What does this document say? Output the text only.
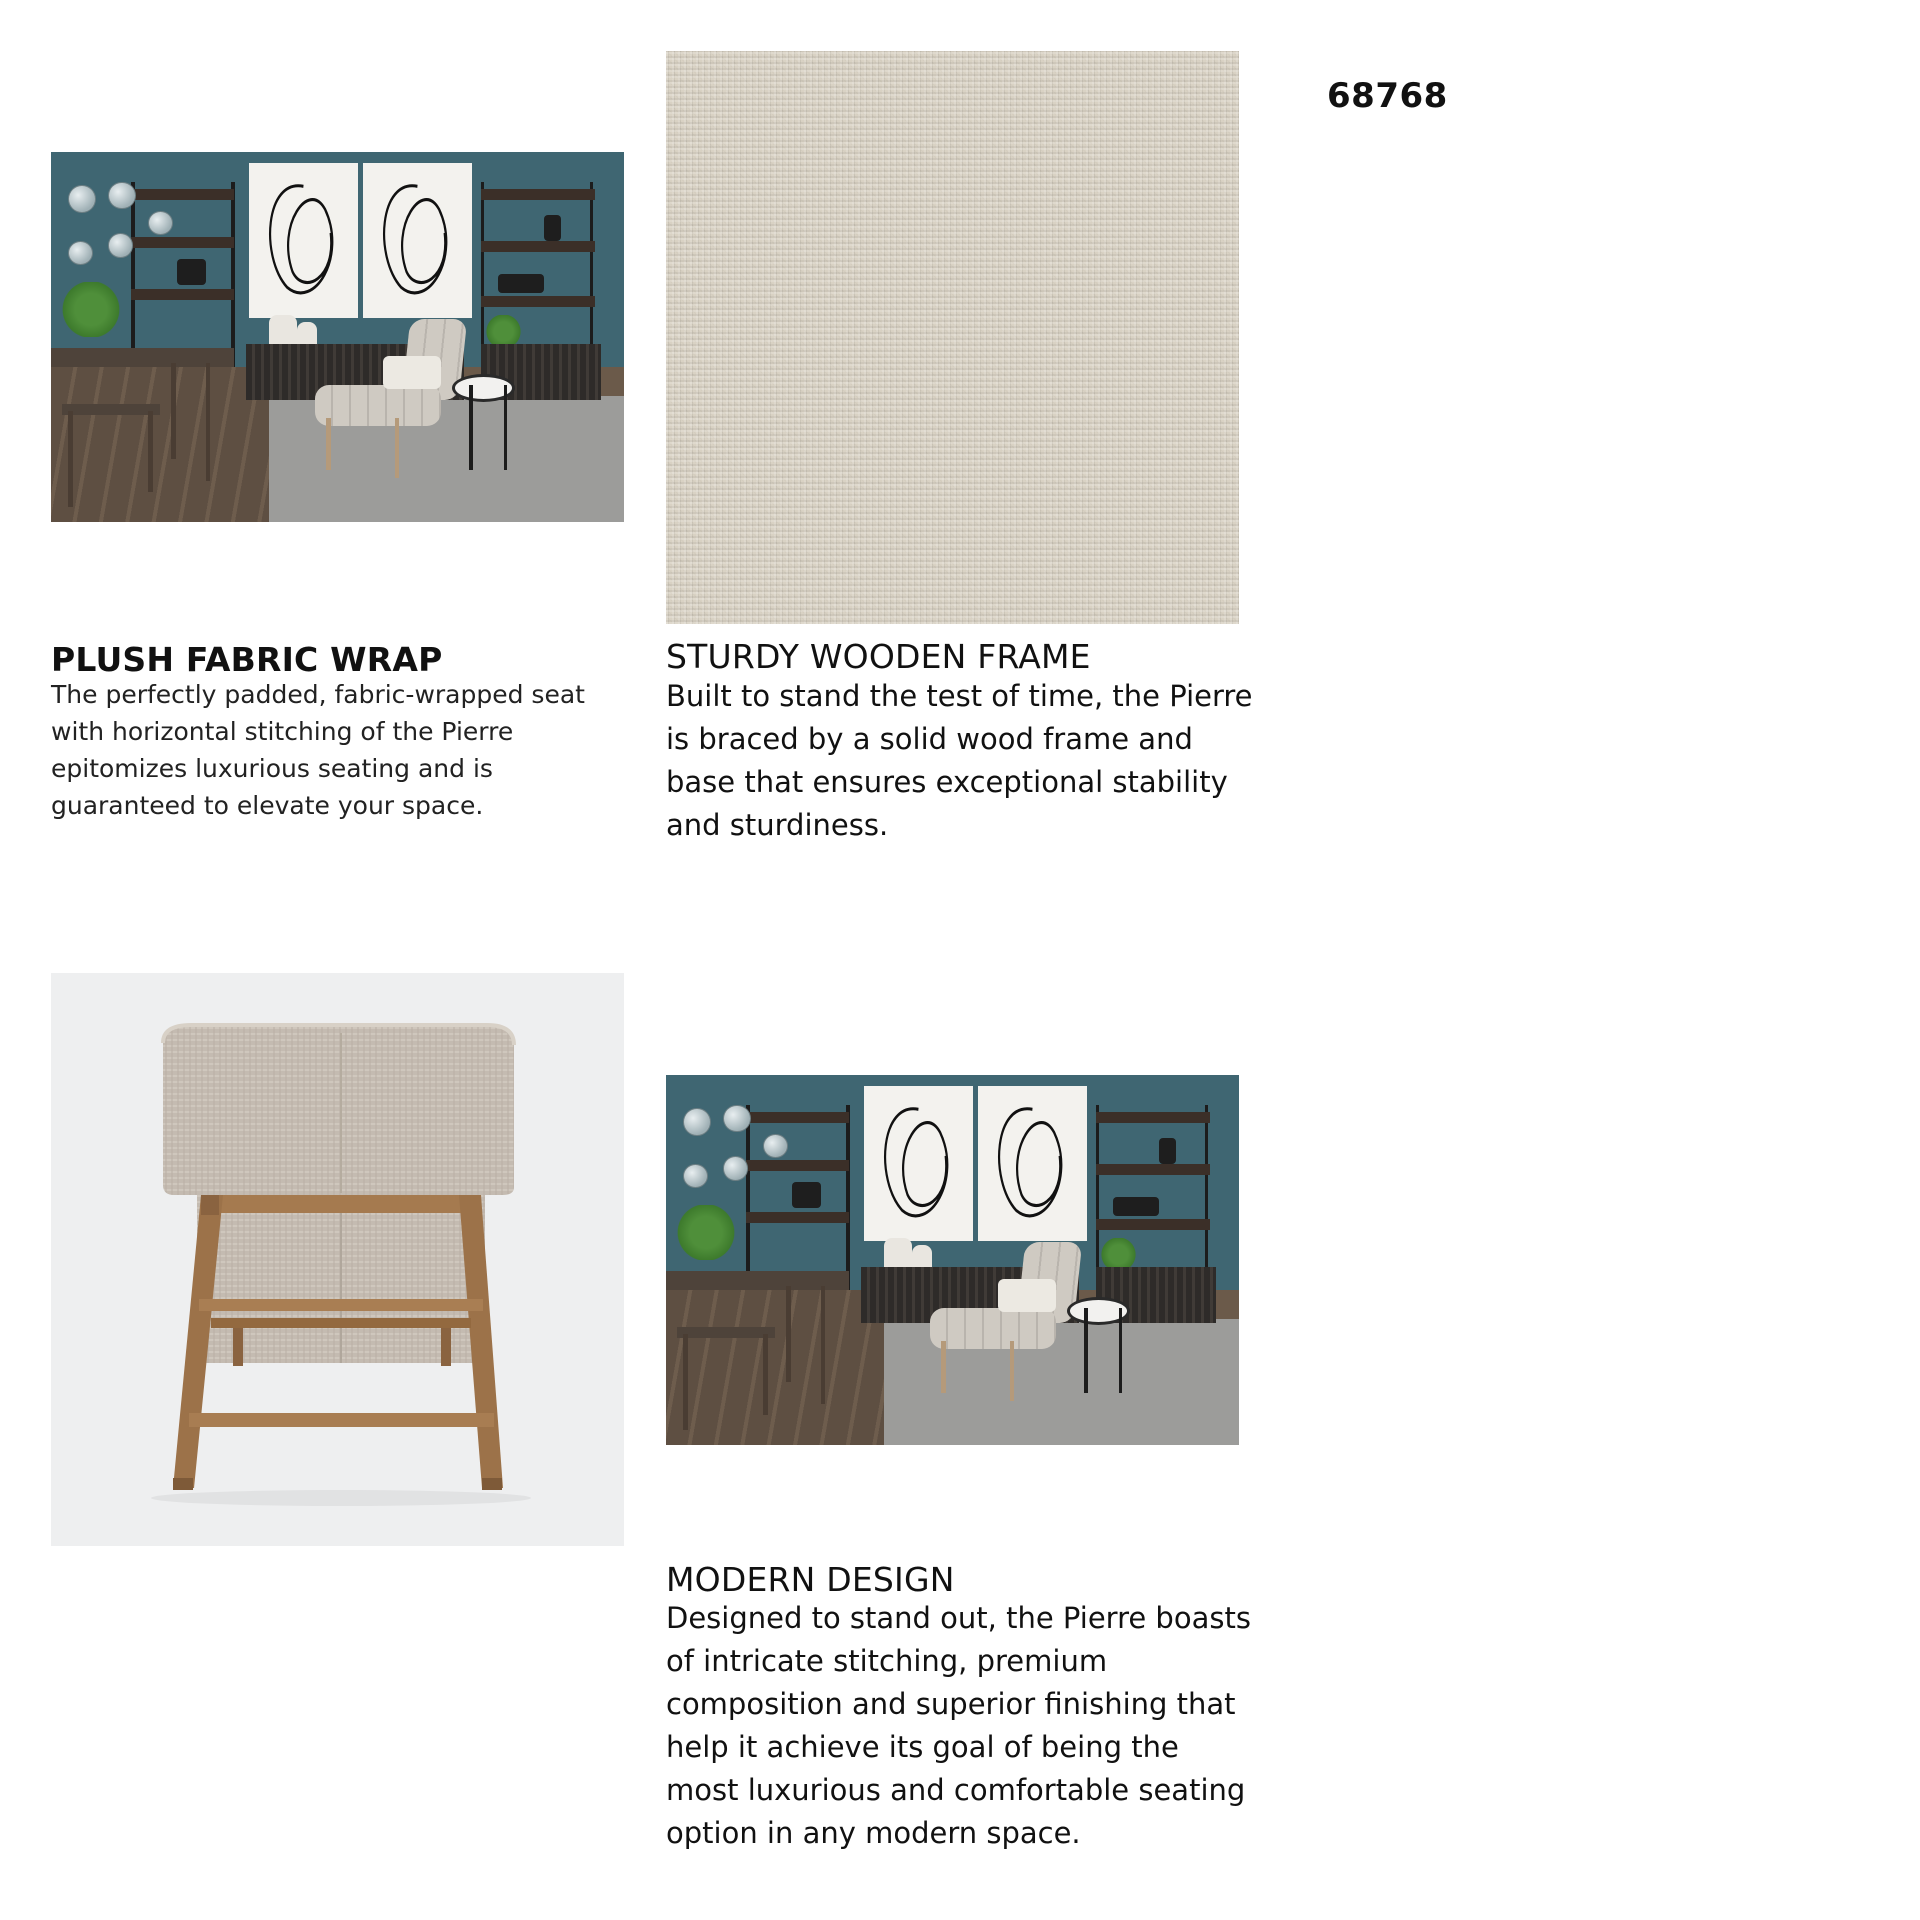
68768
PLUSH FABRIC WRAP
The perfectly padded, fabric-wrapped seat
with horizontal stitching of the Pierre
epitomizes luxurious seating and is
guaranteed to elevate your space.
STURDY WOODEN FRAME
Built to stand the test of time, the Pierre
is braced by a solid wood frame and
base that ensures exceptional stability
and sturdiness.
MODERN DESIGN
Designed to stand out, the Pierre boasts
of intricate stitching, premium
composition and superior finishing that
help it achieve its goal of being the
most luxurious and comfortable seating
option in any modern space.
